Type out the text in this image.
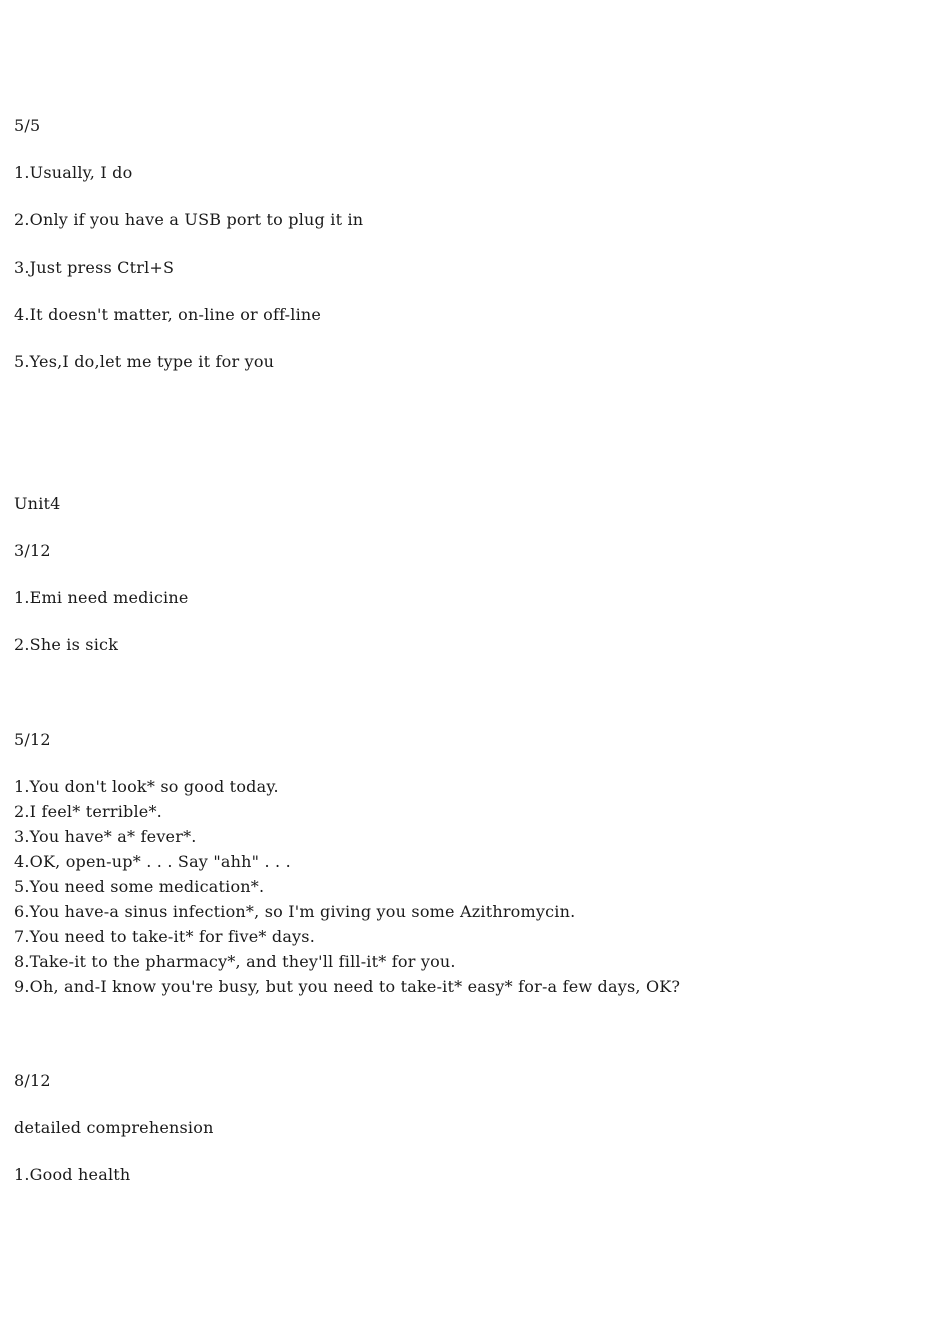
5/5
1.Usually, I do
2.Only if you have a USB port to plug it in
3.Just press Ctrl+S
4.It doesn't matter, on-line or off-line
5.Yes,I do,let me type it for you
Unit4
3/12
1.Emi need medicine
2.She is sick
5/12
1.You don't look* so good today.
2.I feel* terrible*.
3.You have* a* fever*.
4.OK, open-up* . . . Say "ahh" . . .
5.You need some medication*.
6.You have-a sinus infection*, so I'm giving you some Azithromycin.
7.You need to take-it* for five* days.
8.Take-it to the pharmacy*, and they'll fill-it* for you.
9.Oh, and-I know you're busy, but you need to take-it* easy* for-a few days, OK?
8/12
detailed comprehension
1.Good health
